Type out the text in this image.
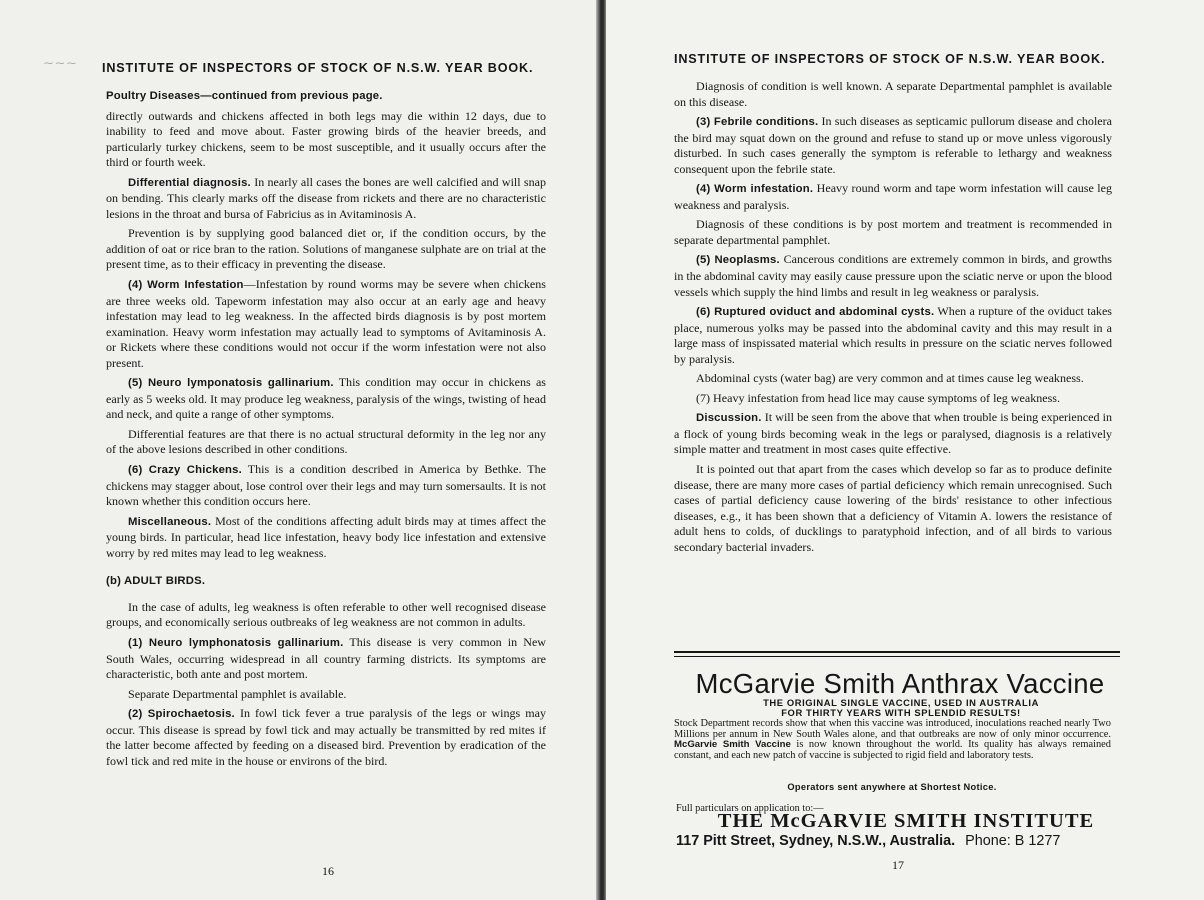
⁓ ⁓ ⁓ INSTITUTE OF INSPECTORS OF STOCK OF N.S.W. YEAR BOOK.

Poultry Diseases—continued from previous page.

directly outwards and chickens affected in both legs may die within 12 days, due to inability to feed and move about. Faster growing birds of the heavier breeds, and particularly turkey chickens, seem to be most susceptible, and it usually occurs after the third or fourth week.

Differential diagnosis. In nearly all cases the bones are well calcified and will snap on bending. This clearly marks off the disease from rickets and there are no characteristic lesions in the throat and bursa of Fabricius as in Avitaminosis A.

Prevention is by supplying good balanced diet or, if the condition occurs, by the addition of oat or rice bran to the ration. Solutions of manganese sulphate are on trial at the present time, as to their efficacy in preventing the disease.

(4) Worm Infestation—Infestation by round worms may be severe when chickens are three weeks old. Tapeworm infestation may also occur at an early age and heavy infestation may lead to leg weakness. In the affected birds diagnosis is by post mortem examination. Heavy worm infestation may actually lead to symptoms of Avitaminosis A. or Rickets where these conditions would not occur if the worm infestation were not also present.

(5) Neuro lymponatosis gallinarium. This condition may occur in chickens as early as 5 weeks old. It may produce leg weakness, paralysis of the wings, twisting of head and neck, and quite a range of other symptoms.

Differential features are that there is no actual structural deformity in the leg nor any of the above lesions described in other conditions.

(6) Crazy Chickens. This is a condition described in America by Bethke. The chickens may stagger about, lose control over their legs and may turn somersaults. It is not known whether this condition occurs here.

Miscellaneous. Most of the conditions affecting adult birds may at times affect the young birds. In particular, head lice infestation, heavy body lice infestation and extensive worry by red mites may lead to leg weakness.

(b) ADULT BIRDS.

In the case of adults, leg weakness is often referable to other well recognised disease groups, and economically serious outbreaks of leg weakness are not common in adults.

(1) Neuro lymphonatosis gallinarium. This disease is very common in New South Wales, occurring widespread in all country farming districts. Its symptoms are characteristic, both ante and post mortem.

Separate Departmental pamphlet is available.

(2) Spirochaetosis. In fowl tick fever a true paralysis of the legs or wings may occur. This disease is spread by fowl tick and may actually be transmitted by red mites if the latter become affected by feeding on a diseased bird. Prevention by eradication of the fowl tick and red mite in the house or environs of the bird.

16
INSTITUTE OF INSPECTORS OF STOCK OF N.S.W. YEAR BOOK.

Diagnosis of condition is well known. A separate Departmental pamphlet is available on this disease.

(3) Febrile conditions. In such diseases as septicamic pullorum disease and cholera the bird may squat down on the ground and refuse to stand up or move unless vigorously disturbed. In such cases generally the symptom is referable to lethargy and weakness consequent upon the febrile state.

(4) Worm infestation. Heavy round worm and tape worm infestation will cause leg weakness and paralysis.

Diagnosis of these conditions is by post mortem and treatment is recommended in separate departmental pamphlet.

(5) Neoplasms. Cancerous conditions are extremely common in birds, and growths in the abdominal cavity may easily cause pressure upon the sciatic nerve or upon the blood vessels which supply the hind limbs and result in leg weakness or paralysis.

(6) Ruptured oviduct and abdominal cysts. When a rupture of the oviduct takes place, numerous yolks may be passed into the abdominal cavity and this may result in a large mass of inspissated material which results in pressure on the sciatic nerves followed by paralysis.

Abdominal cysts (water bag) are very common and at times cause leg weakness.

(7) Heavy infestation from head lice may cause symptoms of leg weakness.

Discussion. It will be seen from the above that when trouble is being experienced in a flock of young birds becoming weak in the legs or paralysed, diagnosis is a relatively simple matter and treatment in most cases quite effective.

It is pointed out that apart from the cases which develop so far as to produce definite disease, there are many more cases of partial deficiency which remain unrecognised. Such cases of partial deficiency cause lowering of the birds' resistance to other infectious diseases, e.g., it has been shown that a deficiency of Vitamin A. lowers the resistance of adult hens to colds, of ducklings to paratyphoid infection, and of all birds to various secondary bacterial invaders.

McGarvie Smith Anthrax Vaccine
THE ORIGINAL SINGLE VACCINE, USED IN AUSTRALIA
FOR THIRTY YEARS WITH SPLENDID RESULTS!
Stock Department records show that when this vaccine was introduced, inoculations reached nearly Two Millions per annum in New South Wales alone, and that outbreaks are now of only minor occurrence. McGarvie Smith Vaccine is now known throughout the world. Its quality has always remained constant, and each new patch of vaccine is subjected to rigid field and laboratory tests.
Operators sent anywhere at Shortest Notice.
Full particulars on application to:—
THE McGARVIE SMITH INSTITUTE
117 Pitt Street, Sydney, N.S.W., Australia. Phone: B 1277
17
